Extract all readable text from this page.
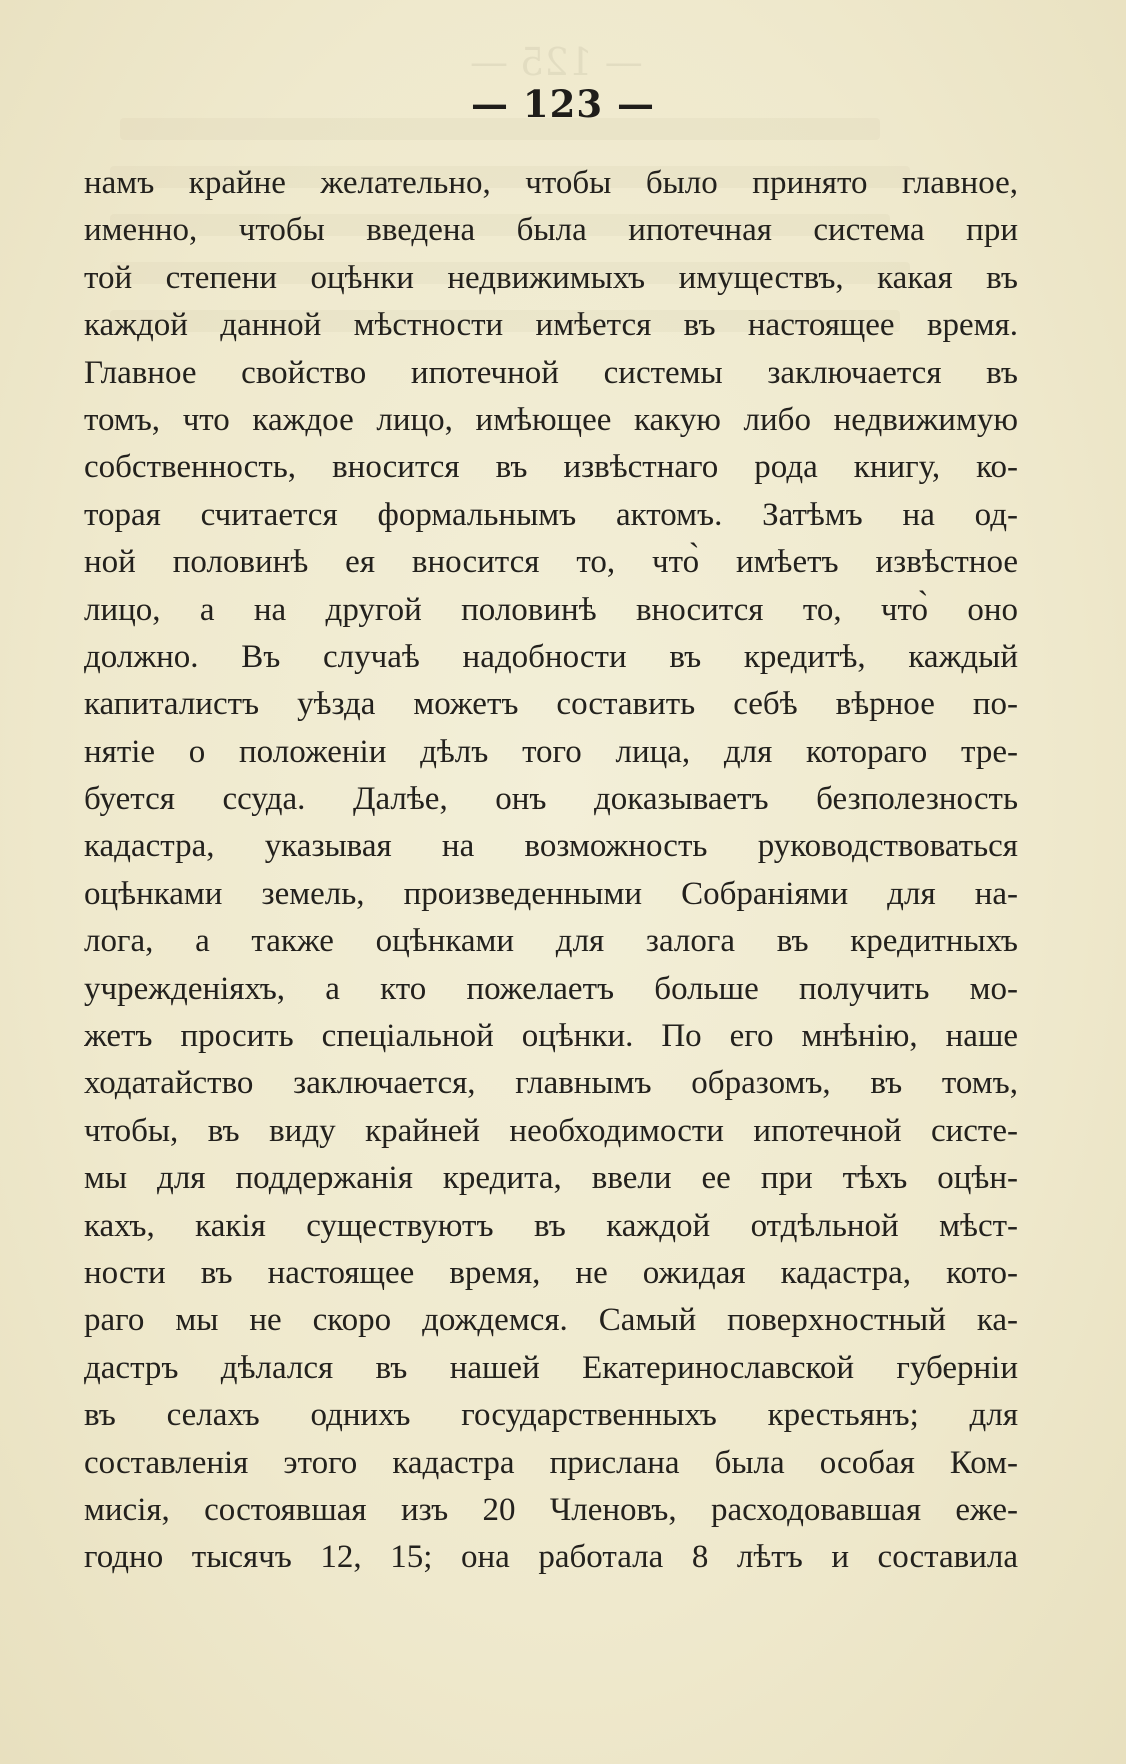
— 123 —
намъ крайне желательно, чтобы было принято главное,
именно, чтобы введена была ипотечная система при
той степени оцѣнки недвижимыхъ имуществъ, какая въ
каждой данной мѣстности имѣется въ настоящее время.
Главное свойство ипотечной системы заключается въ
томъ, что каждое лицо, имѣющее какую либо недвижимую
собственность, вносится въ извѣстнаго рода книгу, ко-
торая считается формальнымъ актомъ. Затѣмъ на од-
ной половинѣ ея вносится то, что̀ имѣетъ извѣстное
лицо, а на другой половинѣ вносится то, что̀ оно
должно. Въ случаѣ надобности въ кредитѣ, каждый
капиталистъ уѣзда можетъ составить себѣ вѣрное по-
нятіе о положеніи дѣлъ того лица, для котораго тре-
буется ссуда. Далѣе, онъ доказываетъ безполезность
кадастра, указывая на возможность руководствоваться
оцѣнками земель, произведенными Собраніями для на-
лога, а также оцѣнками для залога въ кредитныхъ
учрежденіяхъ, а кто пожелаетъ больше получить мо-
жетъ просить спеціальной оцѣнки. По его мнѣнію, наше
ходатайство заключается, главнымъ образомъ, въ томъ,
чтобы, въ виду крайней необходимости ипотечной систе-
мы для поддержанія кредита, ввели ее при тѣхъ оцѣн-
кахъ, какія существуютъ въ каждой отдѣльной мѣст-
ности въ настоящее время, не ожидая кадастра, кото-
раго мы не скоро дождемся. Самый поверхностный ка-
дастръ дѣлался въ нашей Екатеринославской губерніи
въ селахъ однихъ государственныхъ крестьянъ; для
составленія этого кадастра прислана была особая Ком-
мисія, состоявшая изъ 20 Членовъ, расходовавшая еже-
годно тысячъ 12, 15; она работала 8 лѣтъ и составила
